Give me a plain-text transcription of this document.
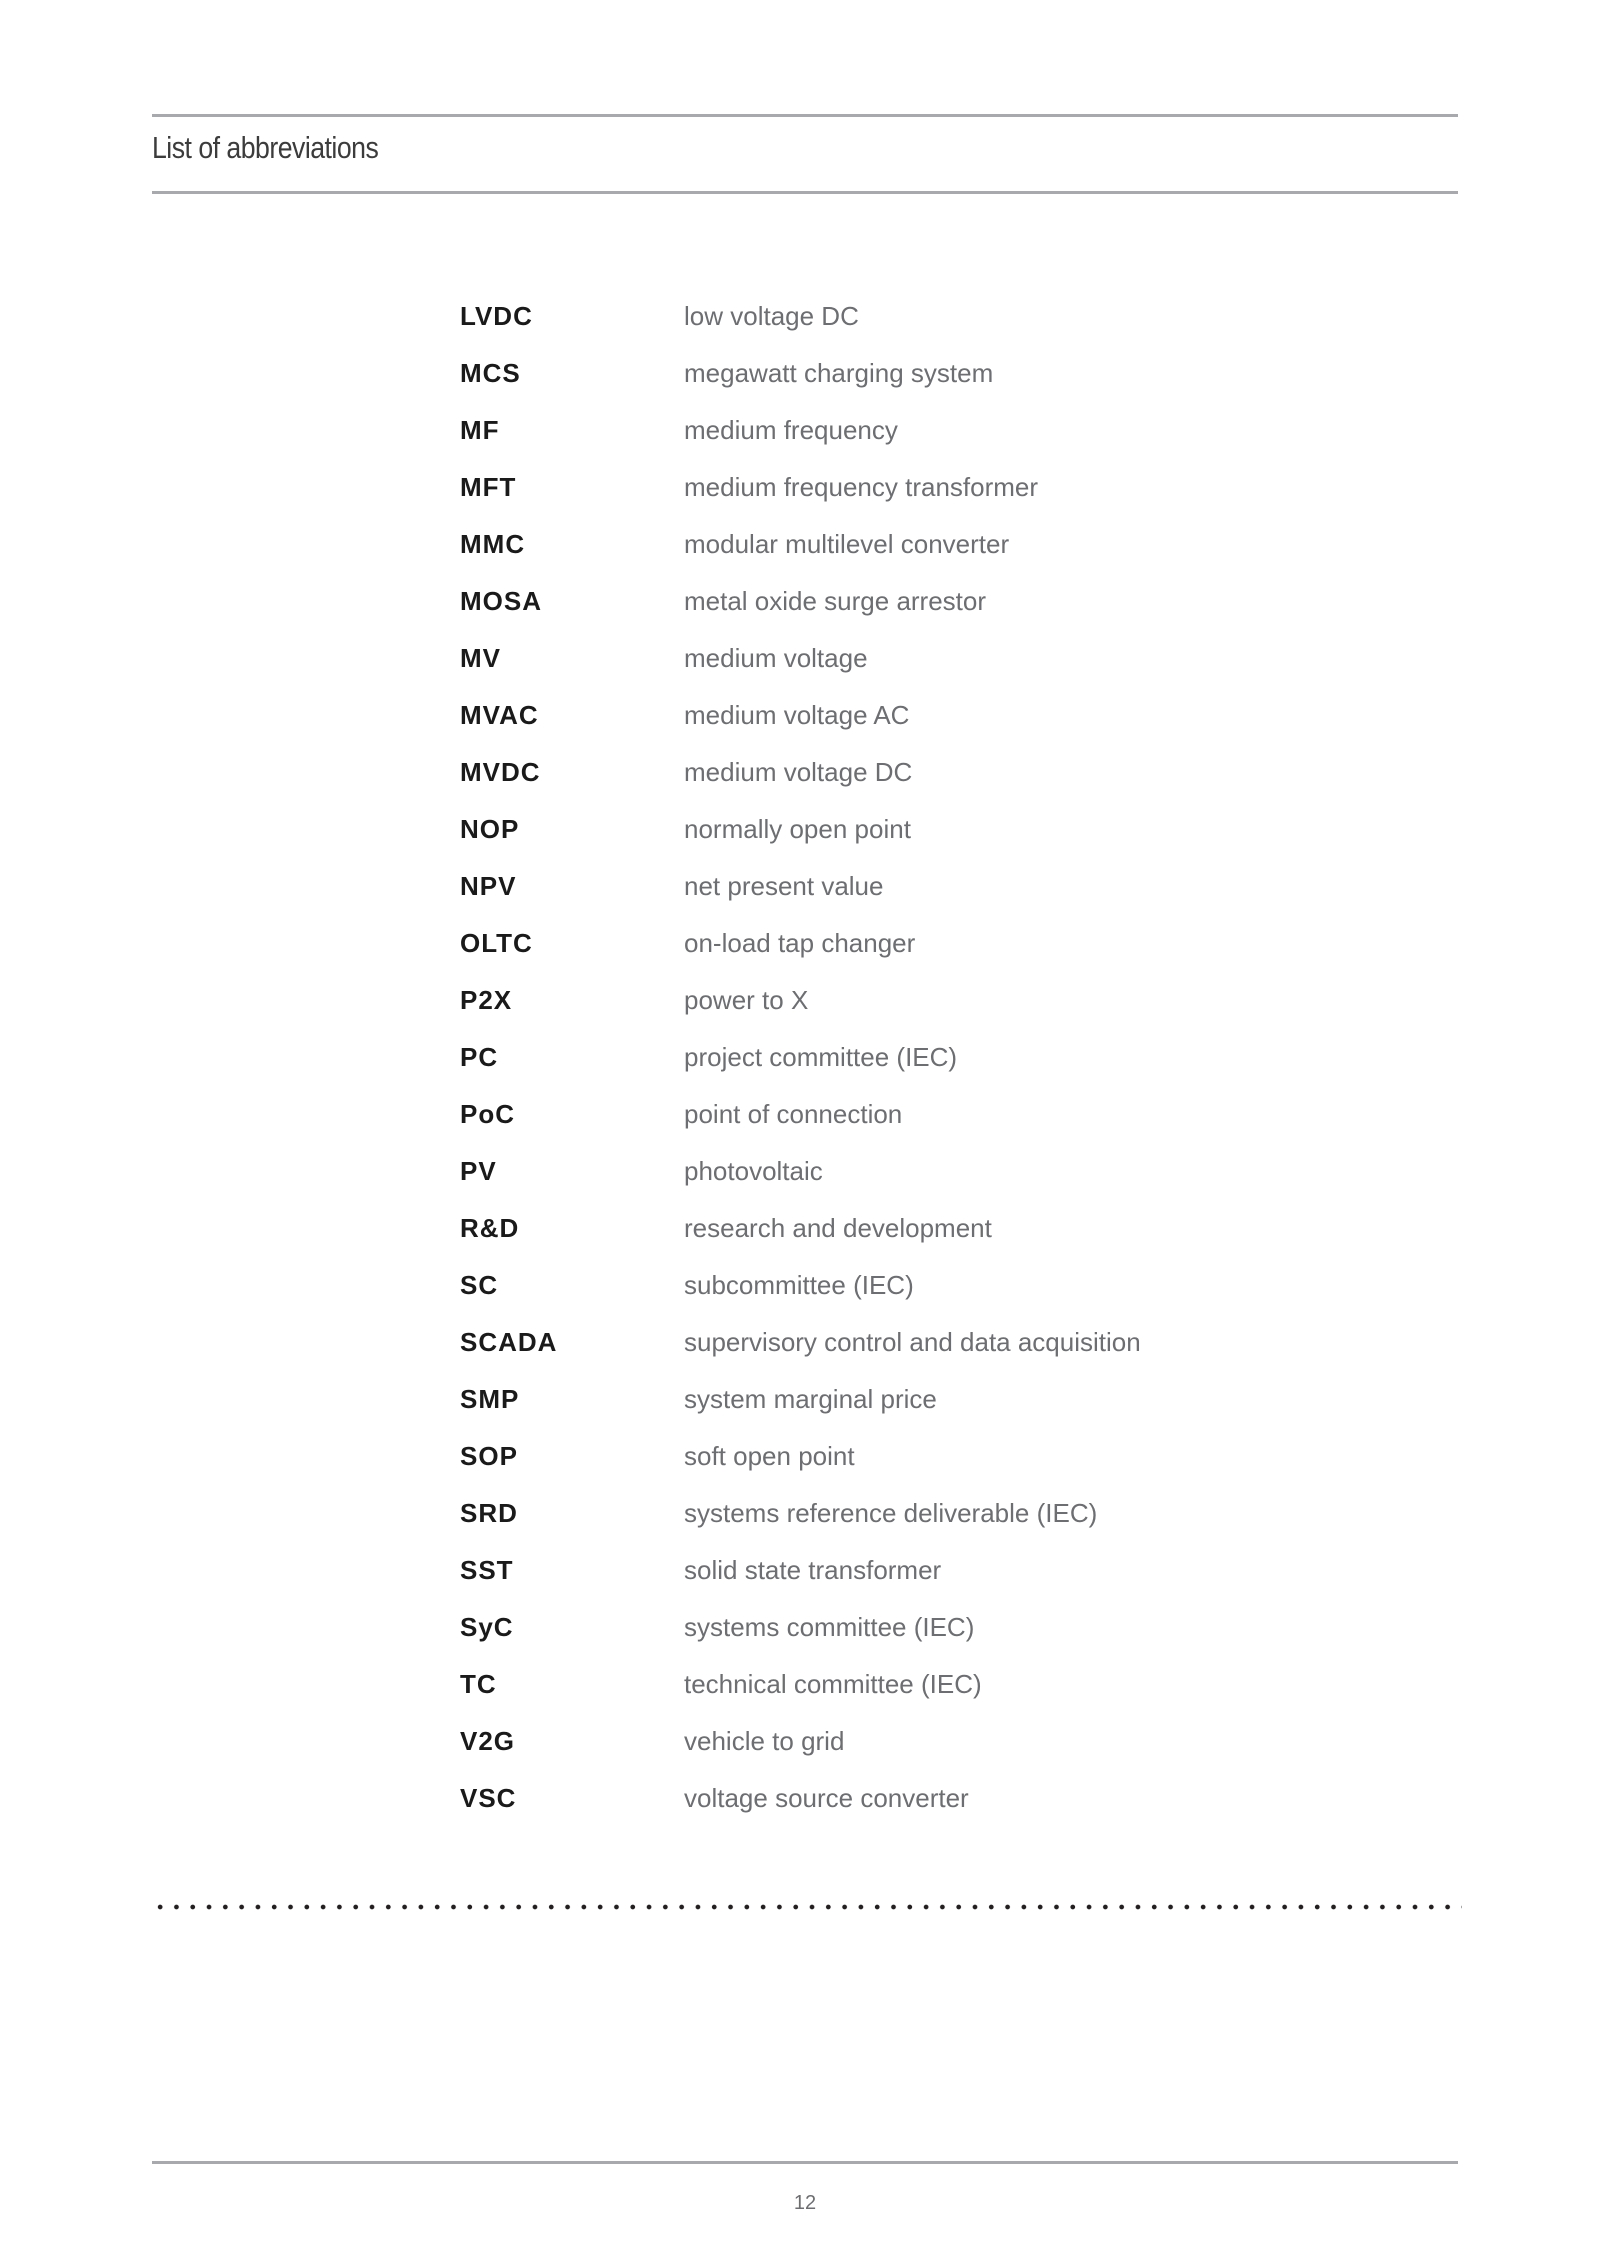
List of abbreviations
LVDC	low voltage DC
MCS	megawatt charging system
MF	medium frequency
MFT	medium frequency transformer
MMC	modular multilevel converter
MOSA	metal oxide surge arrestor
MV	medium voltage
MVAC	medium voltage AC
MVDC	medium voltage DC
NOP	normally open point
NPV	net present value
OLTC	on-load tap changer
P2X	power to X
PC	project committee (IEC)
PoC	point of connection
PV	photovoltaic
R&D	research and development
SC	subcommittee (IEC)
SCADA	supervisory control and data acquisition
SMP	system marginal price
SOP	soft open point
SRD	systems reference deliverable (IEC)
SST	solid state transformer
SyC	systems committee (IEC)
TC	technical committee (IEC)
V2G	vehicle to grid
VSC	voltage source converter
12
